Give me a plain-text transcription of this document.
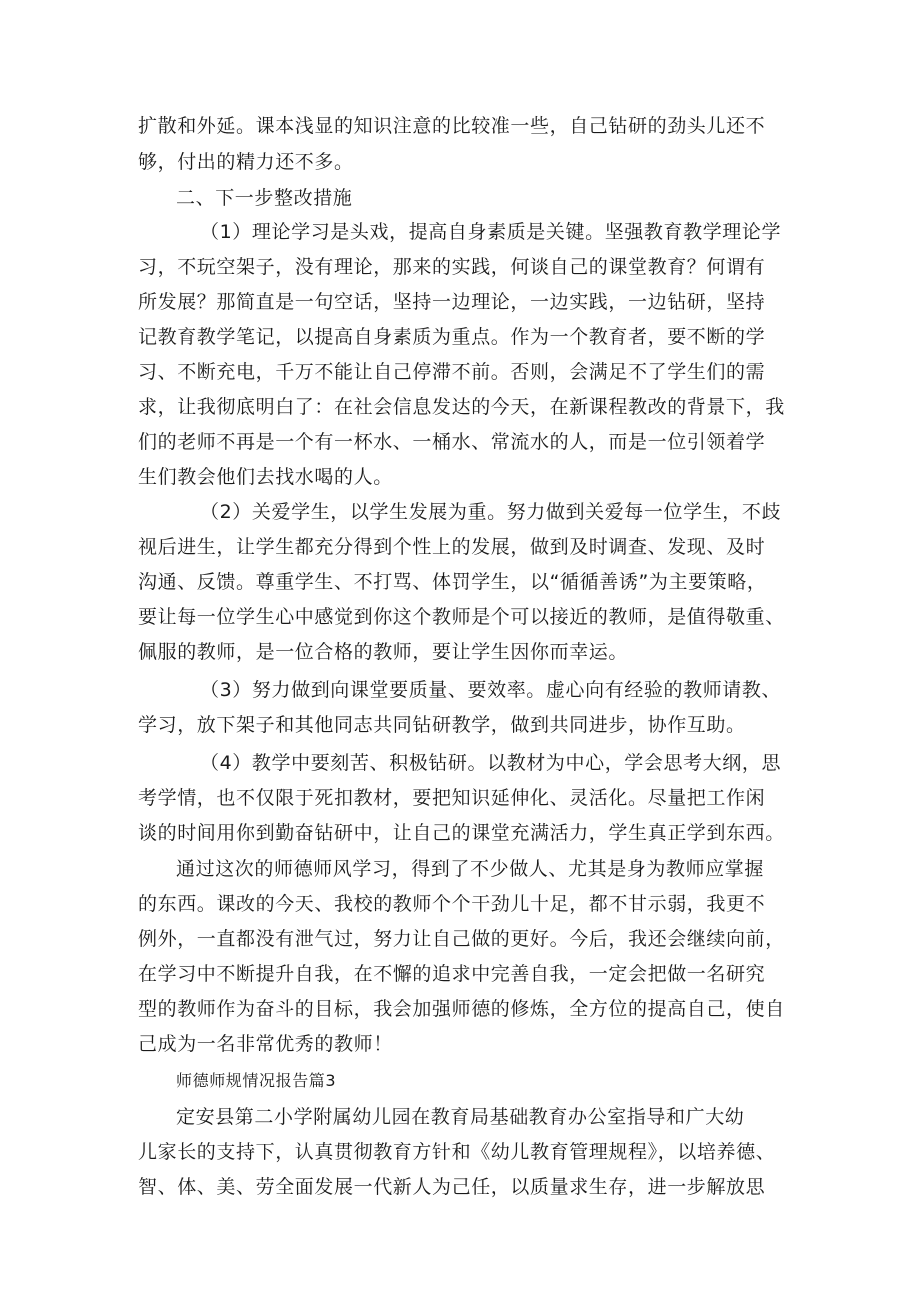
扩散和外延。课本浅显的知识注意的比较准一些，自己钻研的劲头儿还不
够，付出的精力还不多。
二、下一步整改措施
（1）理论学习是头戏，提高自身素质是关键。坚强教育教学理论学
习，不玩空架子，没有理论，那来的实践，何谈自己的课堂教育？何谓有
所发展？那简直是一句空话，坚持一边理论，一边实践，一边钻研，坚持
记教育教学笔记，以提高自身素质为重点。作为一个教育者，要不断的学
习、不断充电，千万不能让自己停滞不前。否则，会满足不了学生们的需
求，让我彻底明白了：在社会信息发达的今天，在新课程教改的背景下，我
们的老师不再是一个有一杯水、一桶水、常流水的人，而是一位引领着学
生们教会他们去找水喝的人。
（2）关爱学生，以学生发展为重。努力做到关爱每一位学生，不歧
视后进生，让学生都充分得到个性上的发展，做到及时调查、发现、及时
沟通、反馈。尊重学生、不打骂、体罚学生，以“循循善诱”为主要策略，
要让每一位学生心中感觉到你这个教师是个可以接近的教师，是值得敬重、
佩服的教师，是一位合格的教师，要让学生因你而幸运。
（3）努力做到向课堂要质量、要效率。虚心向有经验的教师请教、
学习，放下架子和其他同志共同钻研教学，做到共同进步，协作互助。
（4）教学中要刻苦、积极钻研。以教材为中心，学会思考大纲，思
考学情，也不仅限于死扣教材，要把知识延伸化、灵活化。尽量把工作闲
谈的时间用你到勤奋钻研中，让自己的课堂充满活力，学生真正学到东西。
通过这次的师德师风学习，得到了不少做人、尤其是身为教师应掌握
的东西。课改的今天、我校的教师个个干劲儿十足，都不甘示弱，我更不
例外，一直都没有泄气过，努力让自己做的更好。今后，我还会继续向前，
在学习中不断提升自我，在不懈的追求中完善自我，一定会把做一名研究
型的教师作为奋斗的目标，我会加强师德的修炼，全方位的提高自己，使自
己成为一名非常优秀的教师！
师德师规情况报告篇3
定安县第二小学附属幼儿园在教育局基础教育办公室指导和广大幼
儿家长的支持下，认真贯彻教育方针和《幼儿教育管理规程》，以培养德、
智、体、美、劳全面发展一代新人为己任，以质量求生存，进一步解放思
